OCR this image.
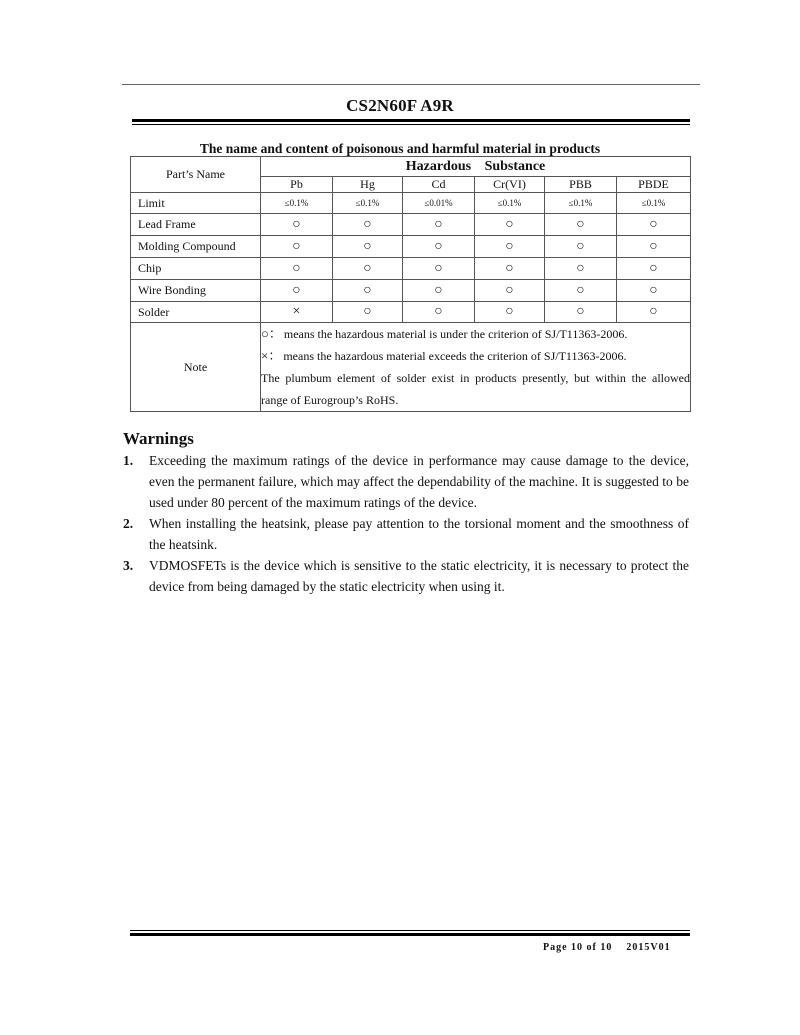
CS2N60F A9R
The name and content of poisonous and harmful material in products
Part’s Name	Hazardous Substance					
	Pb	Hg	Cd	Cr(VI)	PBB	PBDE
Limit	≤0.1%	≤0.1%	≤0.01%	≤0.1%	≤0.1%	≤0.1%
Lead Frame	○	○	○	○	○	○
Molding Compound	○	○	○	○	○	○
Chip	○	○	○	○	○	○
Wire Bonding	○	○	○	○	○	○
Solder	×	○	○	○	○	○
Note	○： means the hazardous material is under the criterion of SJ/T11363-2006.
×： means the hazardous material exceeds the criterion of SJ/T11363-2006.
The plumbum element of solder exist in products presently, but within the allowed
range of Eurogroup’s RoHS.					
Warnings
1. Exceeding the maximum ratings of the device in performance may cause damage to the device, even the permanent failure, which may affect the dependability of the machine. It is suggested to be used under 80 percent of the maximum ratings of the device.
2. When installing the heatsink, please pay attention to the torsional moment and the smoothness of the heatsink.
3. VDMOSFETs is the device which is sensitive to the static electricity, it is necessary to protect the device from being damaged by the static electricity when using it.
Page 10 of 10 2015V01
